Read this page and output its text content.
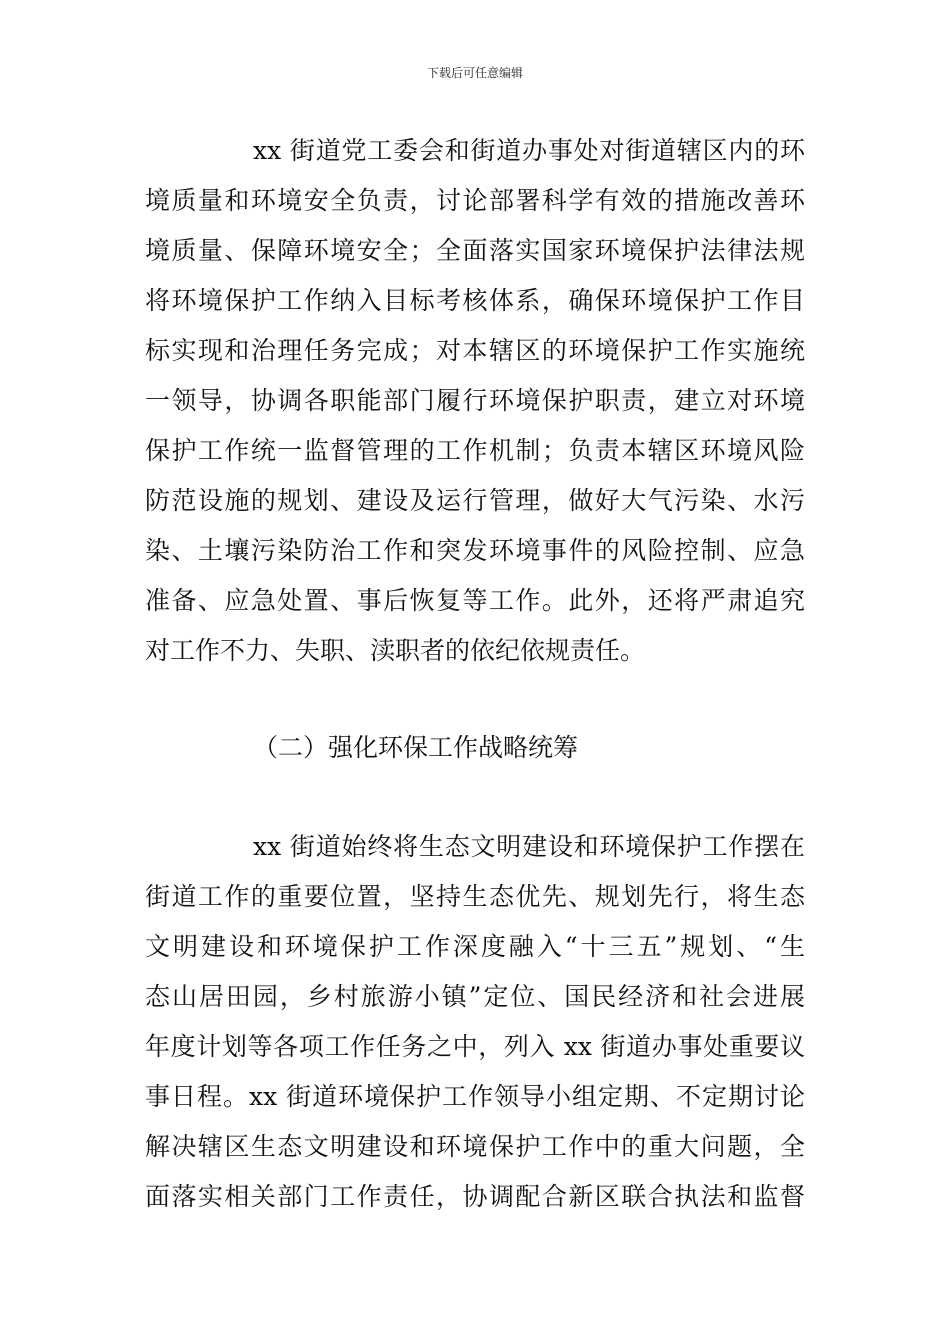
下载后可任意编辑
xx 街道党工委会和街道办事处对街道辖区内的环
境质量和环境安全负责，讨论部署科学有效的措施改善环
境质量、保障环境安全；全面落实国家环境保护法律法规
将环境保护工作纳入目标考核体系，确保环境保护工作目
标实现和治理任务完成；对本辖区的环境保护工作实施统
一领导，协调各职能部门履行环境保护职责，建立对环境
保护工作统一监督管理的工作机制；负责本辖区环境风险
防范设施的规划、建设及运行管理，做好大气污染、水污
染、土壤污染防治工作和突发环境事件的风险控制、应急
准备、应急处置、事后恢复等工作。此外，还将严肃追究
对工作不力、失职、渎职者的依纪依规责任。
（二）强化环保工作战略统筹
xx 街道始终将生态文明建设和环境保护工作摆在
街道工作的重要位置，坚持生态优先、规划先行，将生态
文明建设和环境保护工作深度融入“十三五”规划、“生
态山居田园，乡村旅游小镇”定位、国民经济和社会进展
年度计划等各项工作任务之中，列入 xx 街道办事处重要议
事日程。xx 街道环境保护工作领导小组定期、不定期讨论
解决辖区生态文明建设和环境保护工作中的重大问题，全
面落实相关部门工作责任，协调配合新区联合执法和监督
